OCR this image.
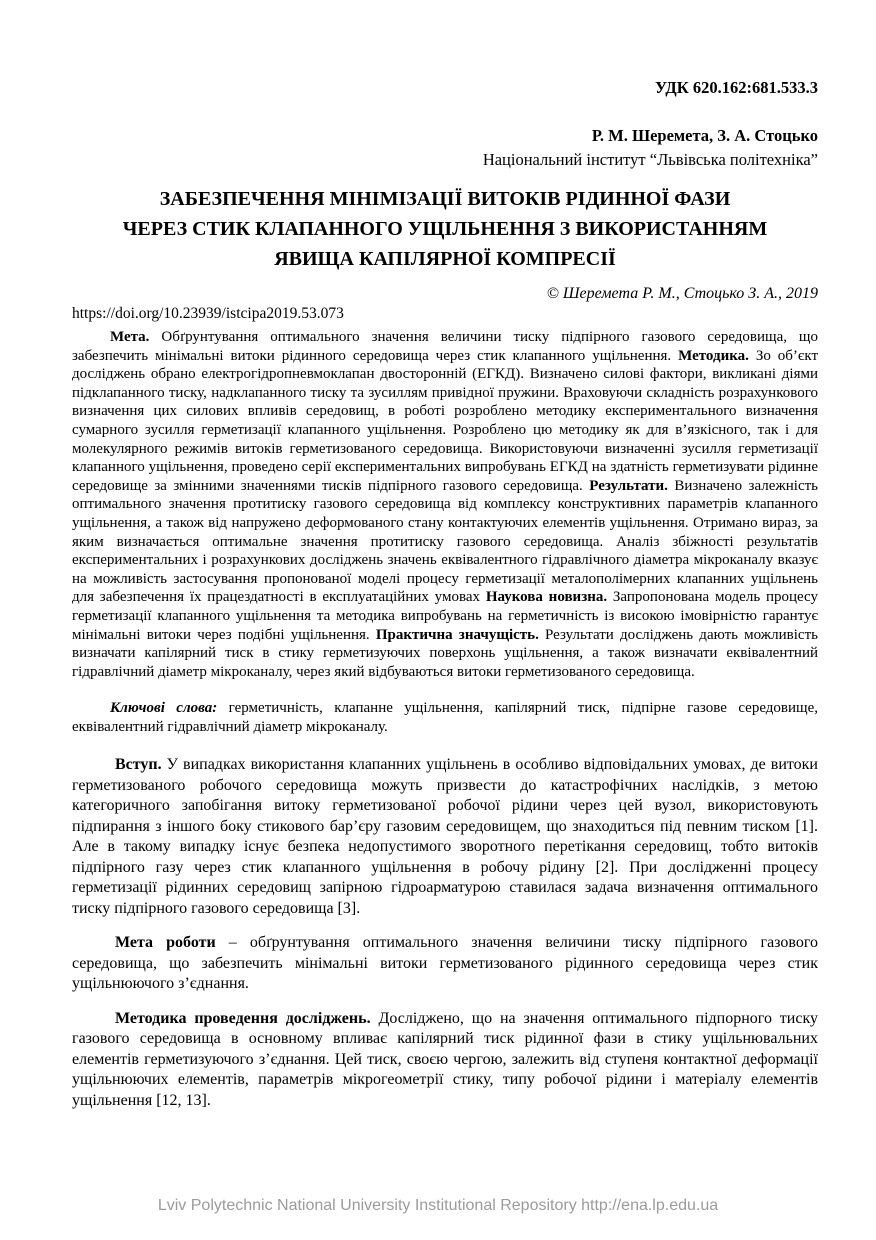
УДК 620.162:681.533.3
Р. М. Шеремета, З. А. Стоцько
Національний інститут “Львівська політехніка”
ЗАБЕЗПЕЧЕННЯ МІНІМІЗАЦІЇ ВИТОКІВ РІДИННОЇ ФАЗИ
ЧЕРЕЗ СТИК КЛАПАННОГО УЩІЛЬНЕННЯ З ВИКОРИСТАННЯМ
ЯВИЩА КАПІЛЯРНОЇ КОМПРЕСІЇ
© Шеремета Р. М., Стоцько З. А., 2019
https://doi.org/10.23939/istcipa2019.53.073

Мета. Обґрунтування оптимального значення величини тиску підпірного газового середовища, що забезпечить мінімальні витоки рідинного середовища через стик клапанного ущільнення. Методика. Зо об’єкт досліджень обрано електрогідропневмоклапан двосторонній (ЕГКД). Визначено силові фактори, викликані діями підклапанного тиску, надклапанного тиску та зусиллям привідної пружини. Враховуючи складність розрахункового визначення цих силових впливів середовищ, в роботі розроблено методику експериментального визначення сумарного зусилля герметизації клапанного ущільнення. Розроблено цю методику як для в’язкісного, так і для молекулярного режимів витоків герметизованого середовища. Використовуючи визначенні зусилля герметизації клапанного ущільнення, проведено серії експериментальних випробувань ЕГКД на здатність герметизувати рідинне середовище за змінними значеннями тисків підпірного газового середовища. Результати. Визначено залежність оптимального значення протитиску газового середовища від комплексу конструктивних параметрів клапанного ущільнення, а також від напружено деформованого стану контактуючих елементів ущільнення. Отримано вираз, за яким визначається оптимальне значення протитиску газового середовища. Аналіз збіжності результатів експериментальних і розрахункових досліджень значень еквівалентного гідравлічного діаметра мікроканалу вказує на можливість застосування пропонованої моделі процесу герметизації металополімерних клапанних ущільнень для забезпечення їх працездатності в експлуатаційних умовах Наукова новизна. Запропонована модель процесу герметизації клапанного ущільнення та методика випробувань на герметичність із високою імовірністю гарантує мінімальні витоки через подібні ущільнення. Практична значущість. Результати досліджень дають можливість визначати капілярний тиск в стику герметизуючих поверхонь ущільнення, а також визначати еквівалентний гідравлічний діаметр мікроканалу, через який відбуваються витоки герметизованого середовища.

Ключові слова: герметичність, клапанне ущільнення, капілярний тиск, підпірне газове середовище, еквівалентний гідравлічний діаметр мікроканалу.

Вступ. У випадках використання клапанних ущільнень в особливо відповідальних умовах, де витоки герметизованого робочого середовища можуть призвести до катастрофічних наслідків, з метою категоричного запобігання витоку герметизованої робочої рідини через цей вузол, використовують підпирання з іншого боку стикового бар’єру газовим середовищем, що знаходиться під певним тиском [1]. Але в такому випадку існує безпека недопустимого зворотного перетікання середовищ, тобто витоків підпірного газу через стик клапанного ущільнення в робочу рідину [2]. При дослідженні процесу герметизації рідинних середовищ запірною гідроарматурою ставилася задача визначення оптимального тиску підпірного газового середовища [3].

Мета роботи – обґрунтування оптимального значення величини тиску підпірного газового середовища, що забезпечить мінімальні витоки герметизованого рідинного середовища через стик ущільнюючого з’єднання.

Методика проведення досліджень. Досліджено, що на значення оптимального підпорного тиску газового середовища в основному впливає капілярний тиск рідинної фази в стику ущільнювальних елементів герметизуючого з’єднання. Цей тиск, своєю чергою, залежить від ступеня контактної деформації ущільнюючих елементів, параметрів мікрогеометрії стику, типу робочої рідини і матеріалу елементів ущільнення [12, 13].

Lviv Polytechnic National University Institutional Repository http://ena.lp.edu.ua
